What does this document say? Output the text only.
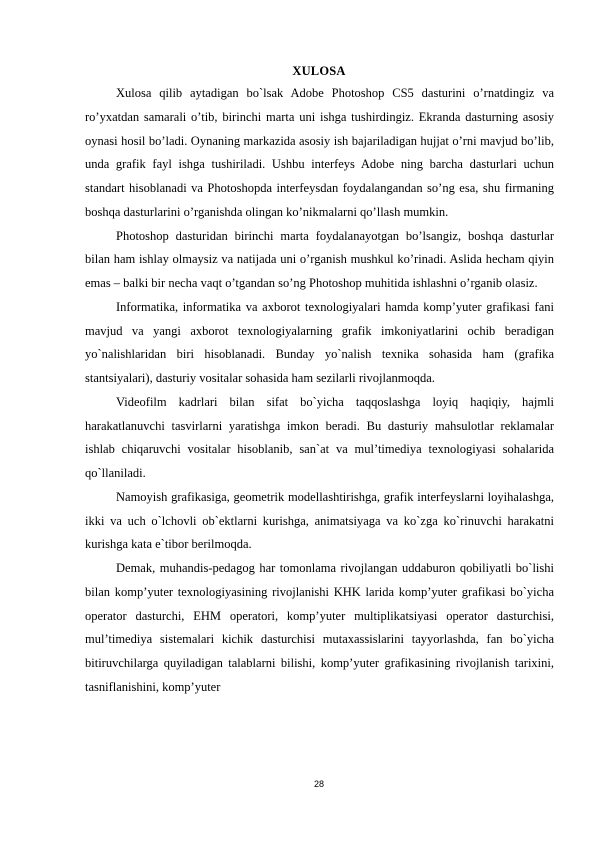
XULOSA

Xulosa qilib aytadigan bo`lsak Adobe Photoshop CS5 dasturini o’rnatdingiz va ro’yxatdan samarali o’tib, birinchi marta uni ishga tushirdingiz. Ekranda dasturning asosiy oynasi hosil bo’ladi. Oynaning markazida asosiy ish bajariladigan hujjat o’rni mavjud bo’lib, unda grafik fayl ishga tushiriladi. Ushbu interfeys Adobe ning barcha dasturlari uchun standart hisoblanadi va Photoshopda interfeysdan foydalangandan so’ng esa, shu firmaning boshqa dasturlarini o’rganishda olingan ko’nikmalarni qo’llash mumkin.

Photoshop dasturidan birinchi marta foydalanayotgan bo’lsangiz, boshqa dasturlar bilan ham ishlay olmaysiz va natijada uni o’rganish mushkul ko’rinadi. Aslida hecham qiyin emas – balki bir necha vaqt o’tgandan so’ng Photoshop muhitida ishlashni o’rganib olasiz.

Informatika, informatika va axborot texnologiyalari hamda komp’yuter grafikasi fani mavjud va yangi axborot texnologiyalarning grafik imkoniyatlarini ochib beradigan yo`nalishlaridan biri hisoblanadi. Bunday yo`nalish texnika sohasida ham (grafika stantsiyalari), dasturiy vositalar sohasida ham sezilarli rivojlanmoqda.

Videofilm kadrlari bilan sifat bo`yicha taqqoslashga loyiq haqiqiy, hajmli harakatlanuvchi tasvirlarni yaratishga imkon beradi. Bu dasturiy mahsulotlar reklamalar ishlab chiqaruvchi vositalar hisoblanib, san`at va mul’timediya texnologiyasi sohalarida qo`llaniladi.

Namoyish grafikasiga, geometrik modellashtirishga, grafik interfeyslarni loyihalashga, ikki va uch o`lchovli ob`ektlarni kurishga, animatsiyaga va ko`zga ko`rinuvchi harakatni kurishga kata e`tibor berilmoqda.

Demak, muhandis-pedagog har tomonlama rivojlangan uddaburon qobiliyatli bo`lishi bilan komp’yuter texnologiyasining rivojlanishi KHK larida komp’yuter grafikasi bo`yicha operator dasturchi, EHM operatori, komp’yuter multiplikatsiyasi operator dasturchisi, mul’timediya sistemalari kichik dasturchisi mutaxassislarini tayyorlashda, fan bo`yicha bitiruvchilarga quyiladigan talablarni bilishi, komp’yuter grafikasining rivojlanish tarixini, tasniflanishini, komp’yuter

28
